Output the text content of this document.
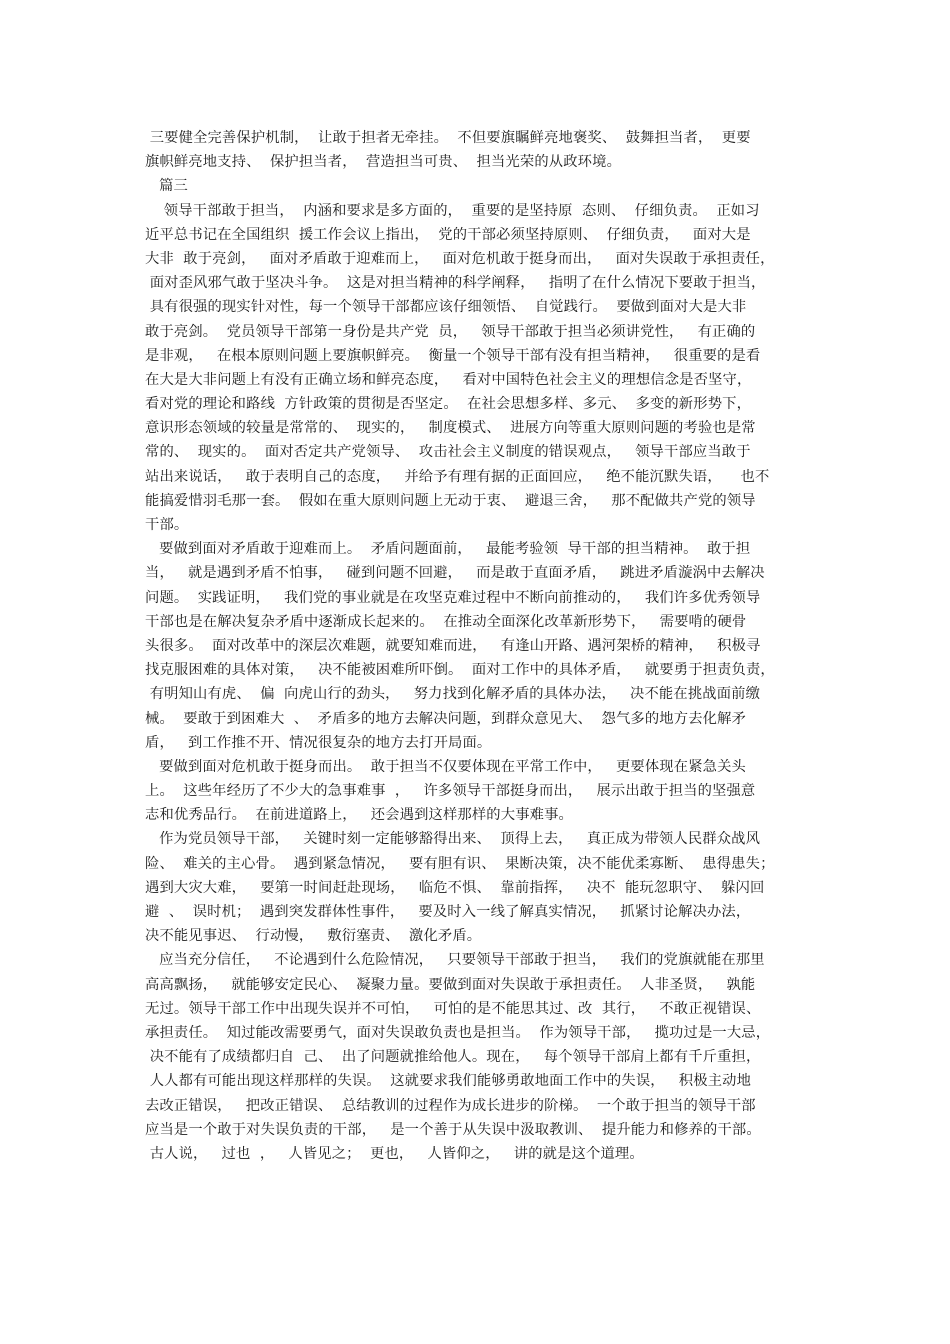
三要健全完善保护机制，  让敢于担者无牵挂。  不但要旗瞩鲜亮地褒奖、  鼓舞担当者，  更要
旗帜鲜亮地支持、  保护担当者，  营造担当可贵、  担当光荣的从政环境。
篇三
领导干部敢于担当，  内涵和要求是多方面的，  重要的是坚持原  态则、  仔细负责。  正如习
近平总书记在全国组织  援工作会议上指出，  党的干部必须坚持原则、  仔细负责，   面对大是
大非  敢于亮剑，   面对矛盾敢于迎难而上，   面对危机敢于挺身而出，   面对失误敢于承担责任，
面对歪风邪气敢于坚决斗争。  这是对担当精神的科学阐释，   指明了在什么情况下要敢于担当，
具有很强的现实针对性，每一个领导干部都应该仔细领悟、  自觉践行。  要做到面对大是大非
敢于亮剑。  党员领导干部第一身份是共产党  员，   领导干部敢于担当必须讲党性，   有正确的
是非观，   在根本原则问题上要旗帜鲜亮。  衡量一个领导干部有没有担当精神，   很重要的是看
在大是大非问题上有没有正确立场和鲜亮态度，   看对中国特色社会主义的理想信念是否坚守，
看对党的理论和路线  方针政策的贯彻是否坚定。  在社会思想多样、多元、  多变的新形势下，
意识形态领域的较量是常常的、  现实的，   制度模式、  进展方向等重大原则问题的考验也是常
常的、  现实的。  面对否定共产党领导、  攻击社会主义制度的错误观点，   领导干部应当敢于
站出来说话，   敢于表明自己的态度，   并给予有理有据的正面回应，   绝不能沉默失语，    也不
能搞爱惜羽毛那一套。  假如在重大原则问题上无动于衷、  避退三舍，   那不配做共产党的领导
干部。
要做到面对矛盾敢于迎难而上。  矛盾问题面前，   最能考验领  导干部的担当精神。  敢于担
当，   就是遇到矛盾不怕事，   碰到问题不回避，   而是敢于直面矛盾，   跳进矛盾漩涡中去解决
问题。  实践证明，   我们党的事业就是在攻坚克难过程中不断向前推动的，   我们许多优秀领导
干部也是在解决复杂矛盾中逐渐成长起来的。  在推动全面深化改革新形势下，   需要啃的硬骨
头很多。  面对改革中的深层次难题，就要知难而进，   有逢山开路、遇河架桥的精神，   积极寻
找克服困难的具体对策，   决不能被困难所吓倒。  面对工作中的具体矛盾，   就要勇于担责负责，
有明知山有虎、  偏  向虎山行的劲头，   努力找到化解矛盾的具体办法，   决不能在挑战面前缴
械。  要敢于到困难大  、  矛盾多的地方去解决问题，到群众意见大、  怨气多的地方去化解矛
盾，   到工作推不开、情况很复杂的地方去打开局面。
要做到面对危机敢于挺身而出。  敢于担当不仅要体现在平常工作中，   更要体现在紧急关头
上。  这些年经历了不少大的急事难事  ，   许多领导干部挺身而出，   展示出敢于担当的坚强意
志和优秀品行。  在前进道路上，   还会遇到这样那样的大事难事。
作为党员领导干部，   关键时刻一定能够豁得出来、  顶得上去，   真正成为带领人民群众战风
险、  难关的主心骨。  遇到紧急情况，   要有胆有识、  果断决策，决不能优柔寡断、  患得患失；
遇到大灾大难，   要第一时间赶赴现场，   临危不惧、  靠前指挥，   决不  能玩忽职守、  躲闪回
避  、  误时机；  遇到突发群体性事件，   要及时入一线了解真实情况，   抓紧讨论解决办法，
决不能见事迟、  行动慢，   敷衍塞责、  激化矛盾。
应当充分信任，   不论遇到什么危险情况，   只要领导干部敢于担当，   我们的党旗就能在那里
高高飘扬，   就能够安定民心、  凝聚力量。要做到面对失误敢于承担责任。  人非圣贤，   孰能
无过。领导干部工作中出现失误并不可怕，   可怕的是不能思其过、改  其行，   不敢正视错误、
承担责任。  知过能改需要勇气，面对失误敢负责也是担当。  作为领导干部，   揽功过是一大忌，
决不能有了成绩都归自  己、  出了问题就推给他人。现在，   每个领导干部肩上都有千斤重担，
人人都有可能出现这样那样的失误。  这就要求我们能够勇敢地面工作中的失误，   积极主动地
去改正错误，   把改正错误、  总结教训的过程作为成长进步的阶梯。  一个敢于担当的领导干部
应当是一个敢于对失误负责的干部，   是一个善于从失误中汲取教训、  提升能力和修养的干部。
古人说，   过也  ，   人皆见之；  更也，   人皆仰之，   讲的就是这个道理。
